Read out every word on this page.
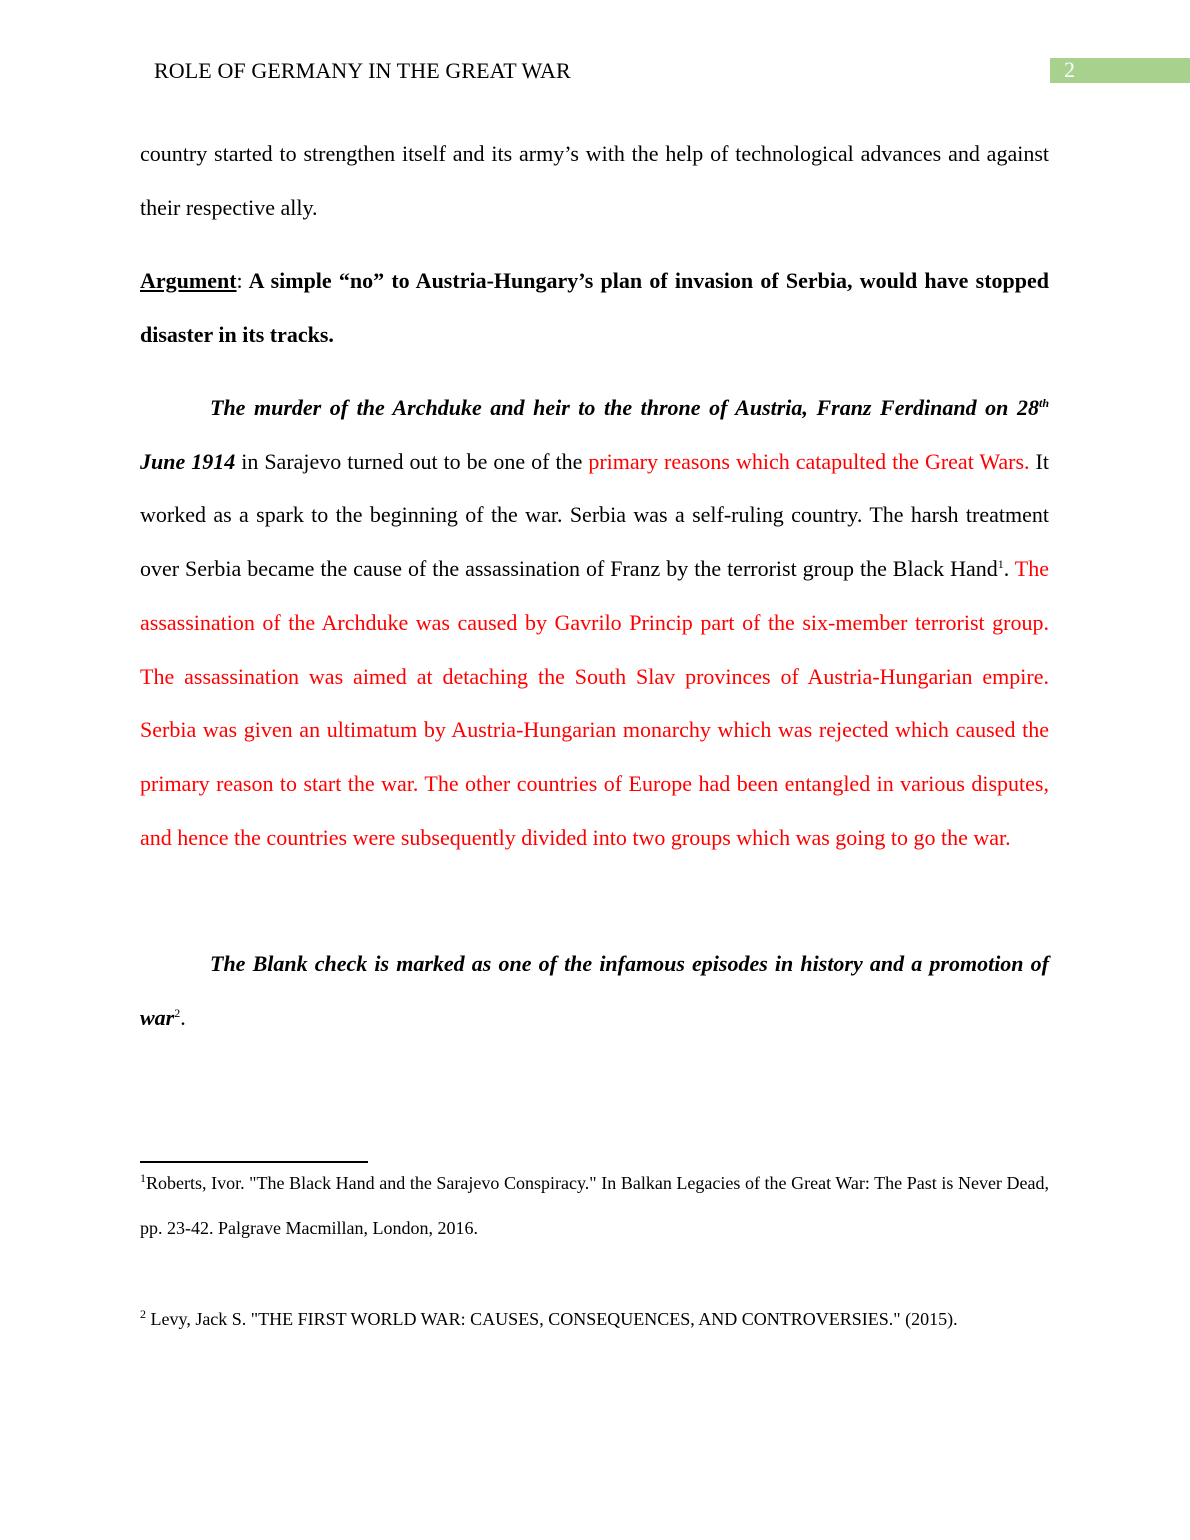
ROLE OF GERMANY IN THE GREAT WAR	2

country started to strengthen itself and its army’s with the help of technological advances and against their respective ally.

Argument: A simple “no” to Austria-Hungary’s plan of invasion of Serbia, would have stopped disaster in its tracks.

The murder of the Archduke and heir to the throne of Austria, Franz Ferdinand on 28th June 1914 in Sarajevo turned out to be one of the primary reasons which catapulted the Great Wars. It worked as a spark to the beginning of the war. Serbia was a self-ruling country. The harsh treatment over Serbia became the cause of the assassination of Franz by the terrorist group the Black Hand$^1$. The assassination of the Archduke was caused by Gavrilo Princip part of the six-member terrorist group. The assassination was aimed at detaching the South Slav provinces of Austria-Hungarian empire. Serbia was given an ultimatum by Austria-Hungarian monarchy which was rejected which caused the primary reason to start the war. The other countries of Europe had been entangled in various disputes, and hence the countries were subsequently divided into two groups which was going to go the war.

The Blank check is marked as one of the infamous episodes in history and a promotion of war$^2$.

$^1$Roberts, Ivor. "The Black Hand and the Sarajevo Conspiracy." In Balkan Legacies of the Great War: The Past is Never Dead, pp. 23-42. Palgrave Macmillan, London, 2016.

$^2$ Levy, Jack S. "THE FIRST WORLD WAR: CAUSES, CONSEQUENCES, AND CONTROVERSIES." (2015).
